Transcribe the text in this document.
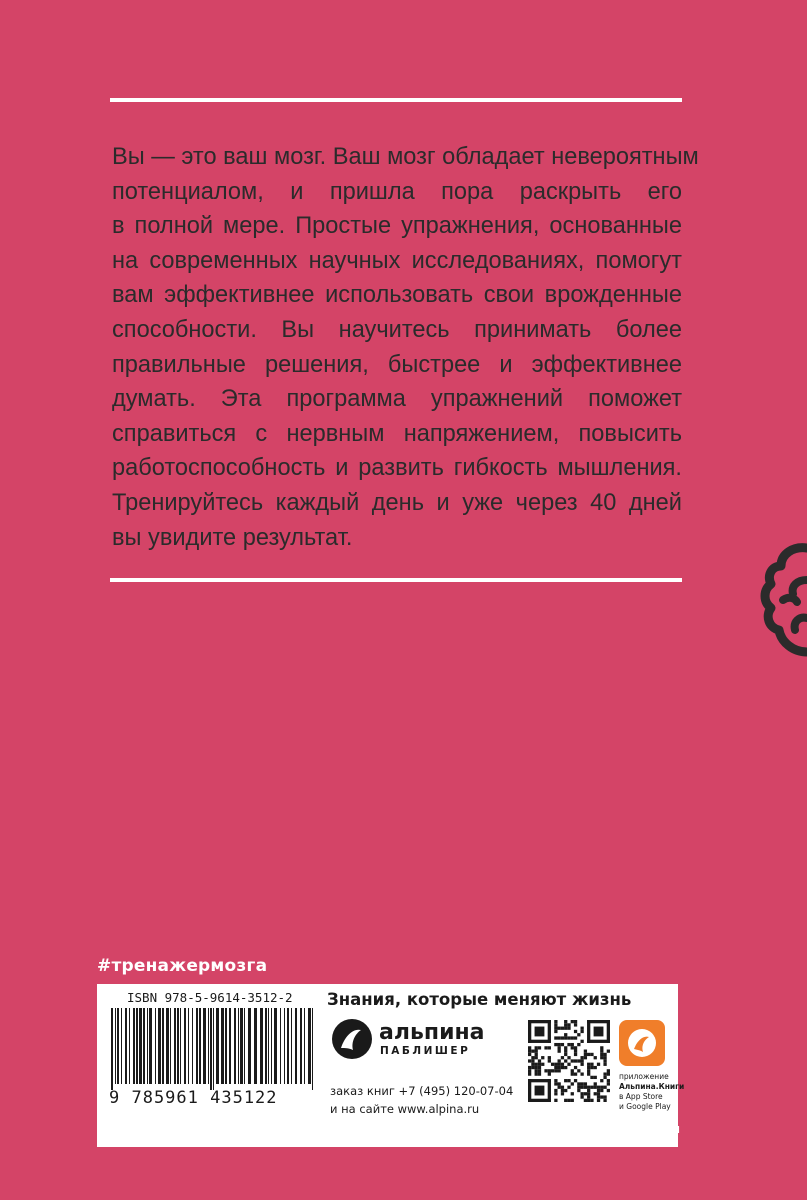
Вы — это ваш мозг. Ваш мозг обладает невероятным
потенциалом, и пришла пора раскрыть его
в полной мере. Простые упражнения, основанные
на современных научных исследованиях, помогут
вам эффективнее использовать свои врожденные
способности. Вы научитесь принимать более
правильные решения, быстрее и эффективнее
думать. Эта программа упражнений поможет
справиться с нервным напряжением, повысить
работоспособность и развить гибкость мышления.
Тренируйтесь каждый день и уже через 40 дней
вы увидите результат.
#тренажермозга
ISBN 978-5-9614-3512-2
9 785961 435122
Знания, которые меняют жизнь
альпина
ПАБЛИШЕР
заказ книг +7 (495) 120-07-04
и на сайте www.alpina.ru
приложение
Альпина.Книги
в App Store
и Google Play
vk ideabooks	f alpinabook	alpinabook	alpinaru
